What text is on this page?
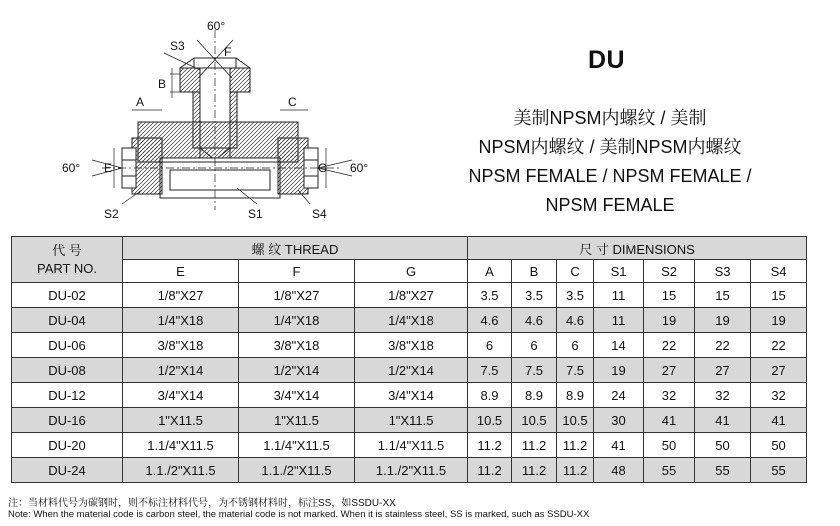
60°
S3	F
B
A	C
E	G
60°	60°
S2	S1	S4
DU
美制NPSM内螺纹 / 美制
NPSM内螺纹 / 美制NPSM内螺纹
NPSM FEMALE / NPSM FEMALE /
NPSM FEMALE
代 号
PART NO.	螺 纹 THREAD			尺 寸 DIMENSIONS						
	E	F	G	A	B	C	S1	S2	S3	S4
DU-02	1/8"X27	1/8"X27	1/8"X27	3.5	3.5	3.5	11	15	15	15
DU-04	1/4"X18	1/4"X18	1/4"X18	4.6	4.6	4.6	11	19	19	19
DU-06	3/8"X18	3/8"X18	3/8"X18	6	6	6	14	22	22	22
DU-08	1/2"X14	1/2"X14	1/2"X14	7.5	7.5	7.5	19	27	27	27
DU-12	3/4"X14	3/4"X14	3/4"X14	8.9	8.9	8.9	24	32	32	32
DU-16	1"X11.5	1"X11.5	1"X11.5	10.5	10.5	10.5	30	41	41	41
DU-20	1.1/4"X11.5	1.1/4"X11.5	1.1/4"X11.5	11.2	11.2	11.2	41	50	50	50
DU-24	1.1./2"X11.5	1.1./2"X11.5	1.1./2"X11.5	11.2	11.2	11.2	48	55	55	55
注：当材料代号为碳钢时，则不标注材料代号，为不锈钢材料时，标注SS，如SSDU-XX
Note: When the material code is carbon steel, the material code is not marked. When it is stainless steel, SS is marked, such as SSDU-XX
